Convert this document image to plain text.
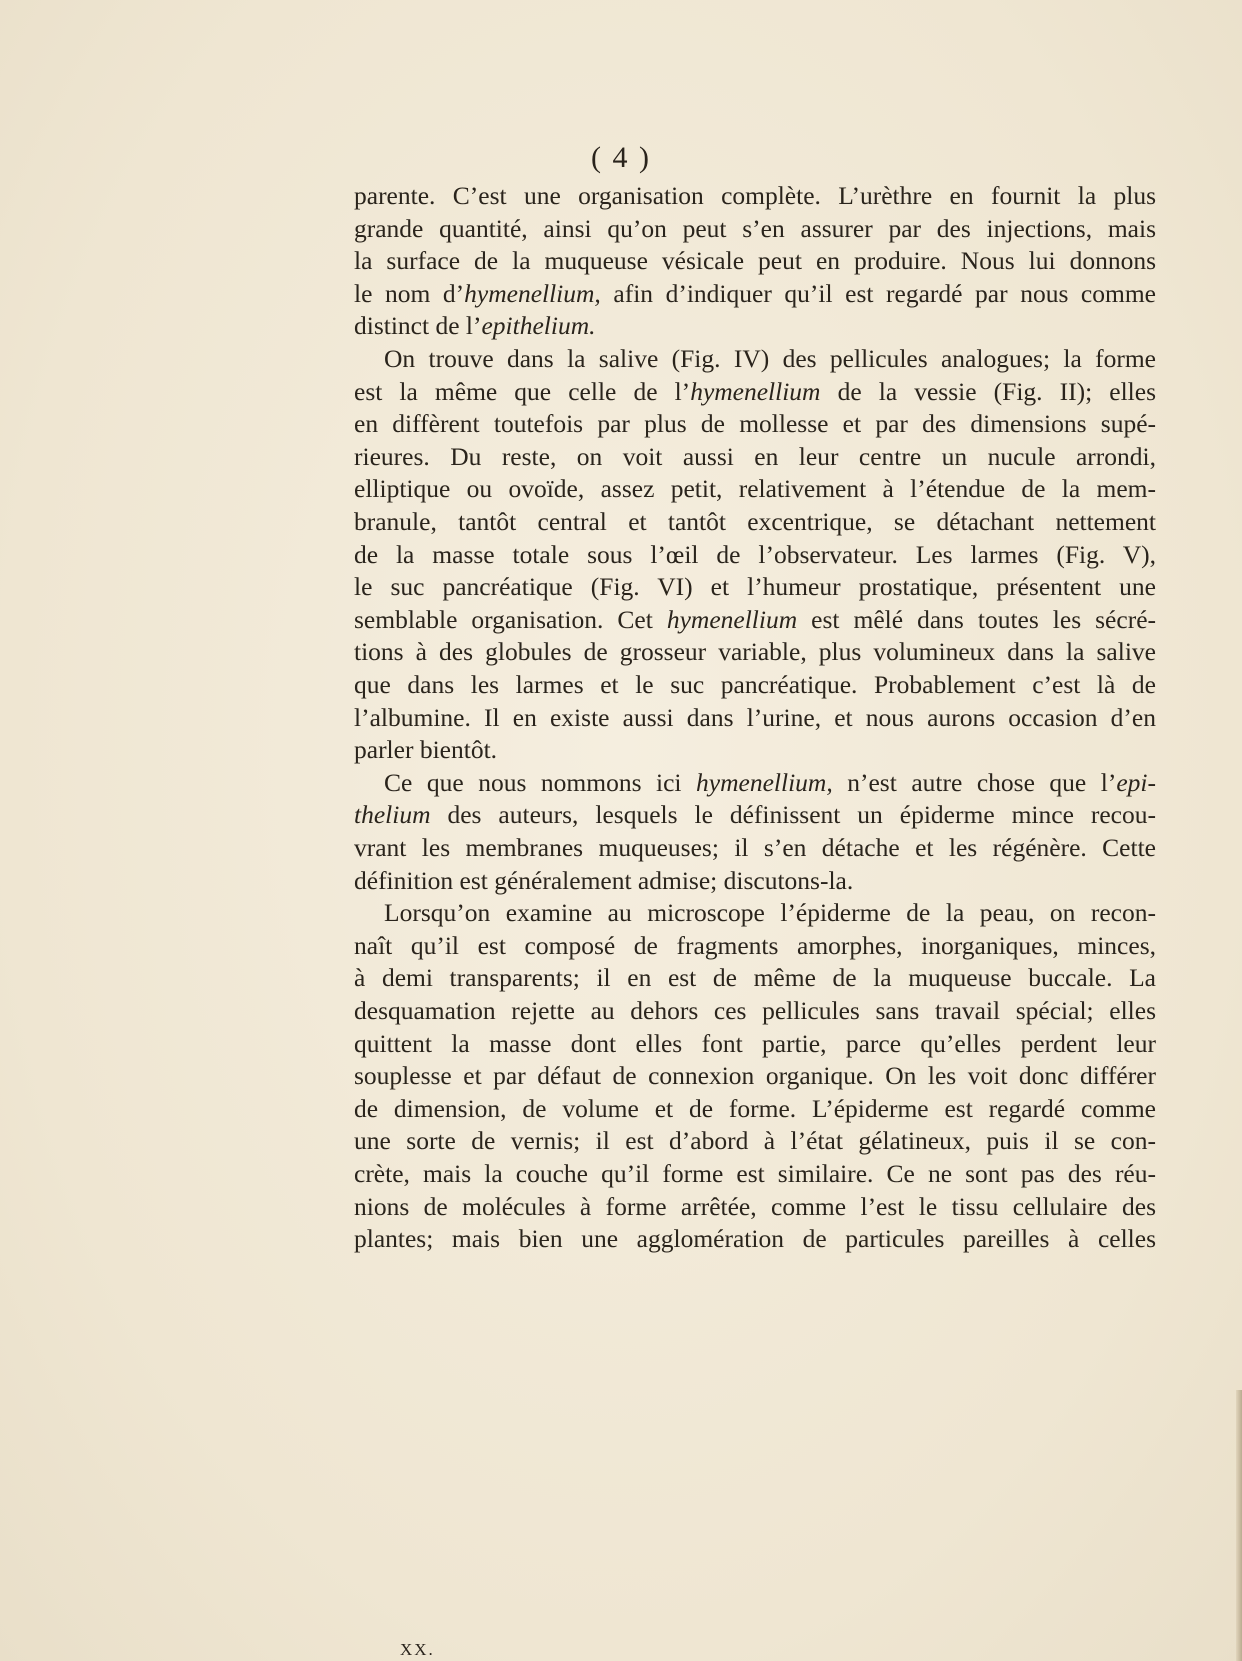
( 4 )
parente. C’est une organisation complète. L’urèthre en fournit la plus
grande quantité, ainsi qu’on peut s’en assurer par des injections, mais
la surface de la muqueuse vésicale peut en produire. Nous lui donnons
le nom d’hymenellium, afin d’indiquer qu’il est regardé par nous comme
distinct de l’epithelium.
On trouve dans la salive (Fig. IV) des pellicules analogues; la forme
est la même que celle de l’hymenellium de la vessie (Fig. II); elles
en diffèrent toutefois par plus de mollesse et par des dimensions supé-
rieures. Du reste, on voit aussi en leur centre un nucule arrondi,
elliptique ou ovoïde, assez petit, relativement à l’étendue de la mem-
branule, tantôt central et tantôt excentrique, se détachant nettement
de la masse totale sous l’œil de l’observateur. Les larmes (Fig. V),
le suc pancréatique (Fig. VI) et l’humeur prostatique, présentent une
semblable organisation. Cet hymenellium est mêlé dans toutes les sécré-
tions à des globules de grosseur variable, plus volumineux dans la salive
que dans les larmes et le suc pancréatique. Probablement c’est là de
l’albumine. Il en existe aussi dans l’urine, et nous aurons occasion d’en
parler bientôt.
Ce que nous nommons ici hymenellium, n’est autre chose que l’epi-
thelium des auteurs, lesquels le définissent un épiderme mince recou-
vrant les membranes muqueuses; il s’en détache et les régénère. Cette
définition est généralement admise; discutons-la.
Lorsqu’on examine au microscope l’épiderme de la peau, on recon-
naît qu’il est composé de fragments amorphes, inorganiques, minces,
à demi transparents; il en est de même de la muqueuse buccale. La
desquamation rejette au dehors ces pellicules sans travail spécial; elles
quittent la masse dont elles font partie, parce qu’elles perdent leur
souplesse et par défaut de connexion organique. On les voit donc différer
de dimension, de volume et de forme. L’épiderme est regardé comme
une sorte de vernis; il est d’abord à l’état gélatineux, puis il se con-
crète, mais la couche qu’il forme est similaire. Ce ne sont pas des réu-
nions de molécules à forme arrêtée, comme l’est le tissu cellulaire des
plantes; mais bien une agglomération de particules pareilles à celles
XX.
